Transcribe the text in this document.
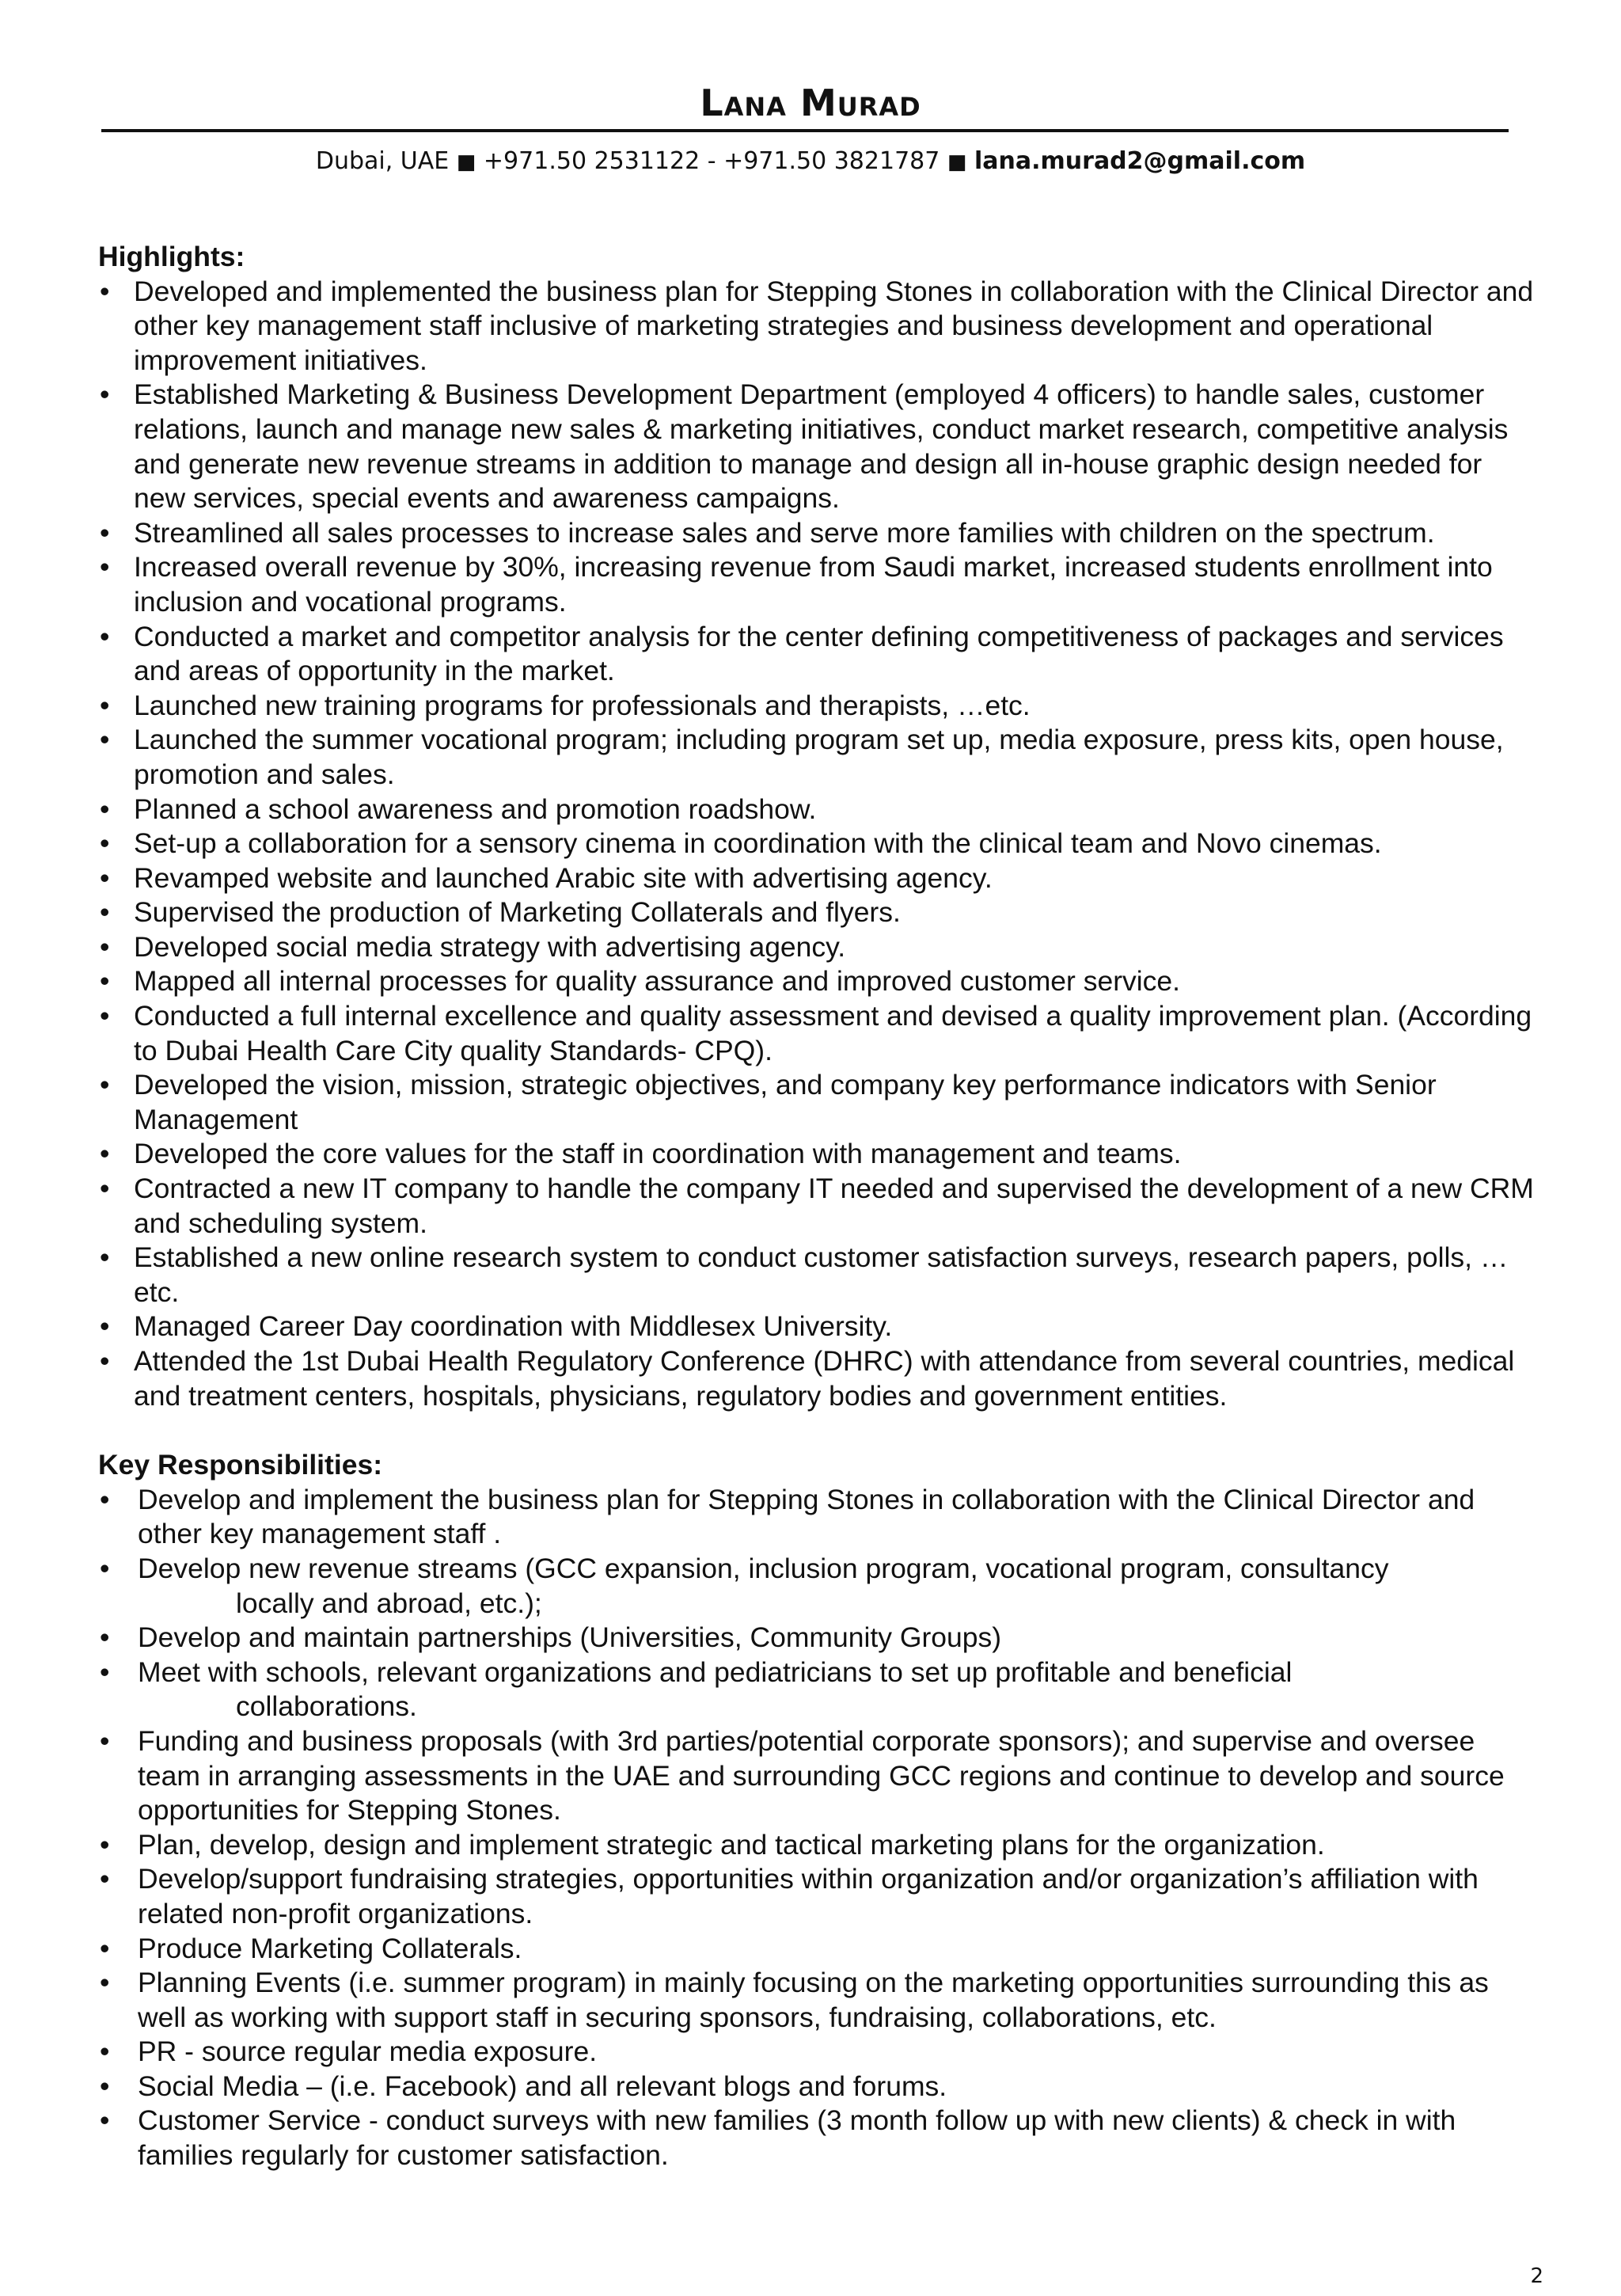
Lana Murad
Dubai, UAE ■ +971.50 2531122 - +971.50 3821787 ■ lana.murad2@gmail.com
Highlights:
• Developed and implemented the business plan for Stepping Stones in collaboration with the Clinical Director and other key management staff inclusive of marketing strategies and business development and operational improvement initiatives.
• Established Marketing & Business Development Department (employed 4 officers) to handle sales, customer relations, launch and manage new sales & marketing initiatives, conduct market research, competitive analysis and generate new revenue streams in addition to manage and design all in-house graphic design needed for new services, special events and awareness campaigns.
• Streamlined all sales processes to increase sales and serve more families with children on the spectrum.
• Increased overall revenue by 30%, increasing revenue from Saudi market, increased students enrollment into inclusion and vocational programs.
• Conducted a market and competitor analysis for the center defining competitiveness of packages and services and areas of opportunity in the market.
• Launched new training programs for professionals and therapists, …etc.
• Launched the summer vocational program; including program set up, media exposure, press kits, open house, promotion and sales.
• Planned a school awareness and promotion roadshow.
• Set-up a collaboration for a sensory cinema in coordination with the clinical team and Novo cinemas.
• Revamped website and launched Arabic site with advertising agency.
• Supervised the production of Marketing Collaterals and flyers.
• Developed social media strategy with advertising agency.
• Mapped all internal processes for quality assurance and improved customer service.
• Conducted a full internal excellence and quality assessment and devised a quality improvement plan. (According to Dubai Health Care City quality Standards- CPQ).
• Developed the vision, mission, strategic objectives, and company key performance indicators with Senior Management
• Developed the core values for the staff in coordination with management and teams.
• Contracted a new IT company to handle the company IT needed and supervised the development of a new CRM and scheduling system.
• Established a new online research system to conduct customer satisfaction surveys, research papers, polls, …etc.
• Managed Career Day coordination with Middlesex University.
• Attended the 1st Dubai Health Regulatory Conference (DHRC) with attendance from several countries, medical and treatment centers, hospitals, physicians, regulatory bodies and government entities.
Key Responsibilities:
• Develop and implement the business plan for Stepping Stones in collaboration with the Clinical Director and other key management staff .
• Develop new revenue streams (GCC expansion, inclusion program, vocational program, consultancy
locally and abroad, etc.);
• Develop and maintain partnerships (Universities, Community Groups)
• Meet with schools, relevant organizations and pediatricians to set up profitable and beneficial
collaborations.
• Funding and business proposals (with 3rd parties/potential corporate sponsors); and supervise and oversee team in arranging assessments in the UAE and surrounding GCC regions and continue to develop and source opportunities for Stepping Stones.
• Plan, develop, design and implement strategic and tactical marketing plans for the organization.
• Develop/support fundraising strategies, opportunities within organization and/or organization’s affiliation with related non-profit organizations.
• Produce Marketing Collaterals.
• Planning Events (i.e. summer program) in mainly focusing on the marketing opportunities surrounding this as well as working with support staff in securing sponsors, fundraising, collaborations, etc.
• PR - source regular media exposure.
• Social Media – (i.e. Facebook) and all relevant blogs and forums.
• Customer Service - conduct surveys with new families (3 month follow up with new clients) & check in with families regularly for customer satisfaction.
2
